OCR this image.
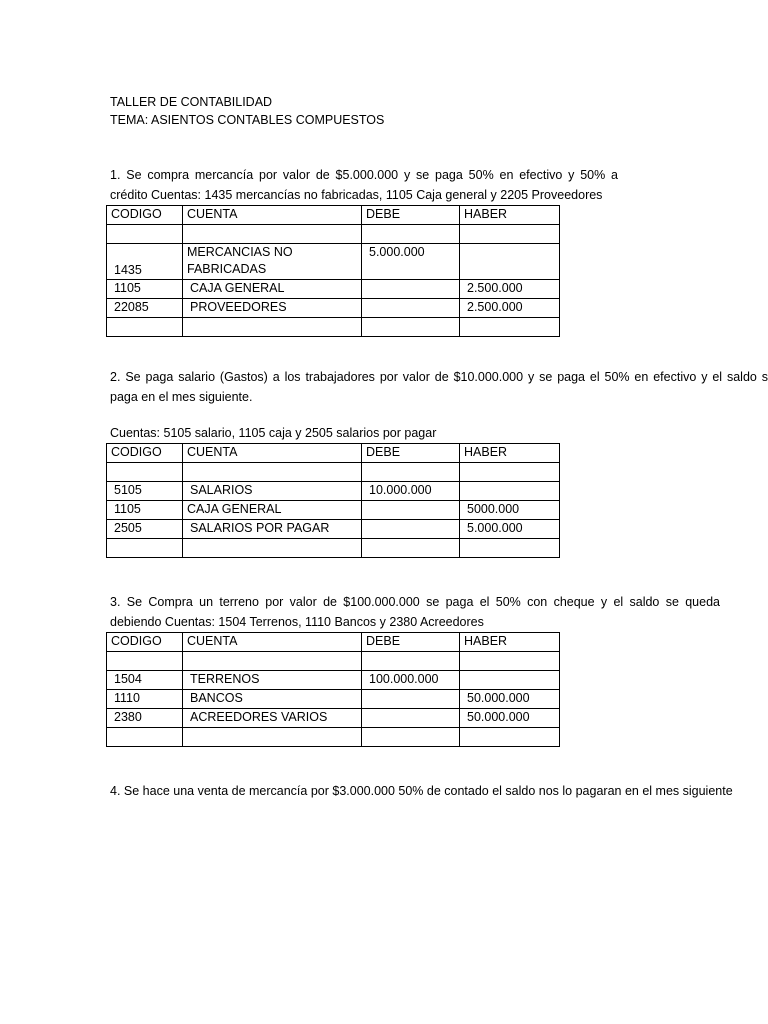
TALLER DE CONTABILIDAD
TEMA: ASIENTOS CONTABLES COMPUESTOS
1. Se compra mercancía por valor de $5.000.000 y se paga 50% en efectivo y 50% a
crédito Cuentas: 1435 mercancías no fabricadas, 1105 Caja general y 2205 Proveedores
CODIGO	CUENTA	DEBE	HABER

1435	MERCANCIAS NO FABRICADAS	5.000.000	
1105	CAJA GENERAL		2.500.000
22085	PROVEEDORES		2.500.000

2. Se paga salario (Gastos) a los trabajadores por valor de $10.000.000 y se paga el 50% en efectivo y el saldo s
paga en el mes siguiente.
Cuentas: 5105 salario, 1105 caja y 2505 salarios por pagar
CODIGO	CUENTA	DEBE	HABER

5105	SALARIOS	10.000.000	
1105	CAJA GENERAL		5000.000
2505	SALARIOS POR PAGAR		5.000.000

3. Se Compra un terreno por valor de $100.000.000 se paga el 50% con cheque y el saldo se queda
debiendo Cuentas: 1504 Terrenos, 1110 Bancos y 2380 Acreedores
CODIGO	CUENTA	DEBE	HABER

1504	TERRENOS	100.000.000	
1110	BANCOS		50.000.000
2380	ACREEDORES VARIOS		50.000.000

4. Se hace una venta de mercancía por $3.000.000 50% de contado el saldo nos lo pagaran en el mes siguiente
